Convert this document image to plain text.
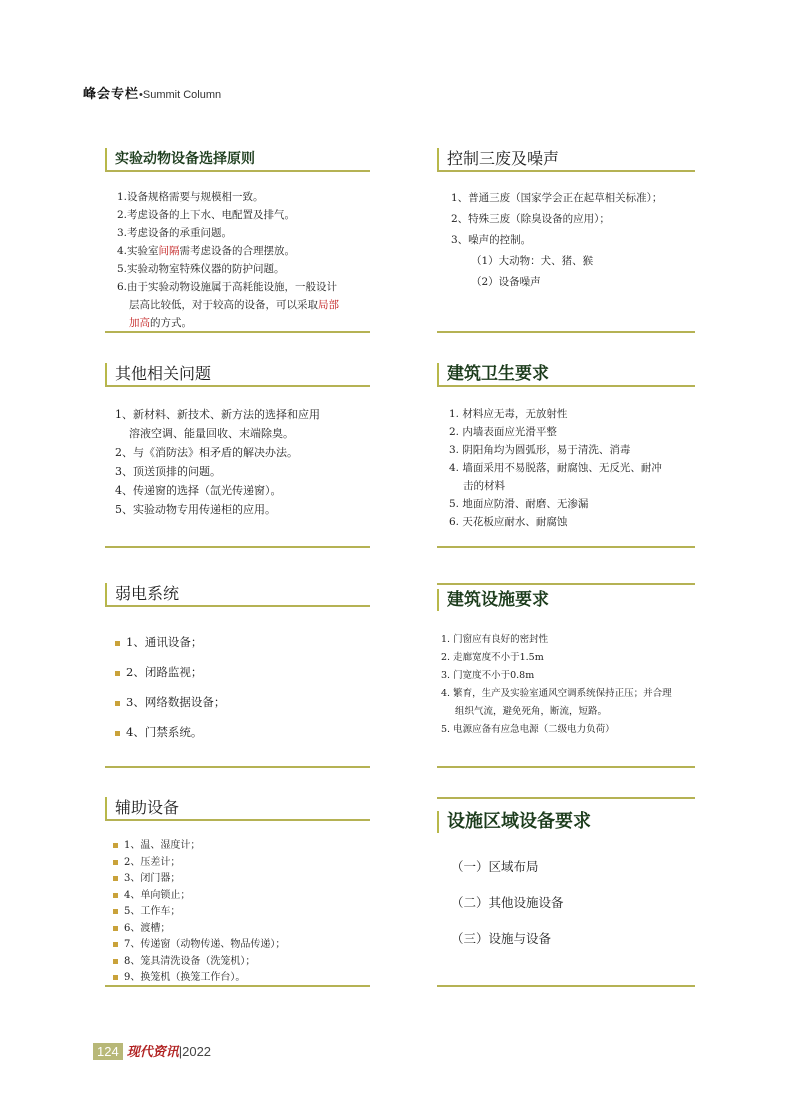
峰会专栏•Summit Column
实验动物设备选择原则
1.设备规格需要与规模相一致。
2.考虑设备的上下水、电配置及排气。
3.考虑设备的承重问题。
4.实验室间隔需考虑设备的合理摆放。
5.实验动物室特殊仪器的防护问题。
6.由于实验动物设施属于高耗能设施，一般设计
层高比较低，对于较高的设备，可以采取局部
加高的方式。
控制三废及噪声
1、普通三废（国家学会正在起草相关标准）；
2、特殊三废（除臭设备的应用）；
3、噪声的控制。
（1）大动物：犬、猪、猴
（2）设备噪声
其他相关问题
1、新材料、新技术、新方法的选择和应用
溶液空调、能量回收、末端除臭。
2、与《消防法》相矛盾的解决办法。
3、顶送顶排的问题。
4、传递窗的选择（氙光传递窗）。
5、实验动物专用传递柜的应用。
建筑卫生要求
1. 材料应无毒，无放射性
2. 内墙表面应光滑平整
3. 阴阳角均为圆弧形，易于清洗、消毒
4. 墙面采用不易脱落，耐腐蚀、无反光、耐冲
击的材料
5. 地面应防滑、耐磨、无渗漏
6. 天花板应耐水、耐腐蚀
弱电系统
1、通讯设备；
2、闭路监视；
3、网络数据设备；
4、门禁系统。
建筑设施要求
1. 门窗应有良好的密封性
2. 走廊宽度不小于1.5m
3. 门宽度不小于0.8m
4. 繁育，生产及实验室通风空调系统保持正压；并合理
组织气流，避免死角，断流，短路。
5. 电源应备有应急电源（二级电力负荷）
辅助设备
1、温、湿度计；
2、压差计；
3、闭门器；
4、单向锁止；
5、工作车；
6、渡槽；
7、传递窗（动物传递、物品传递）；
8、笼具清洗设备（洗笼机）；
9、换笼机（换笼工作台）。
设施区域设备要求
（一）区域布局
（二）其他设施设备
（三）设施与设备
124 现代资讯|2022
